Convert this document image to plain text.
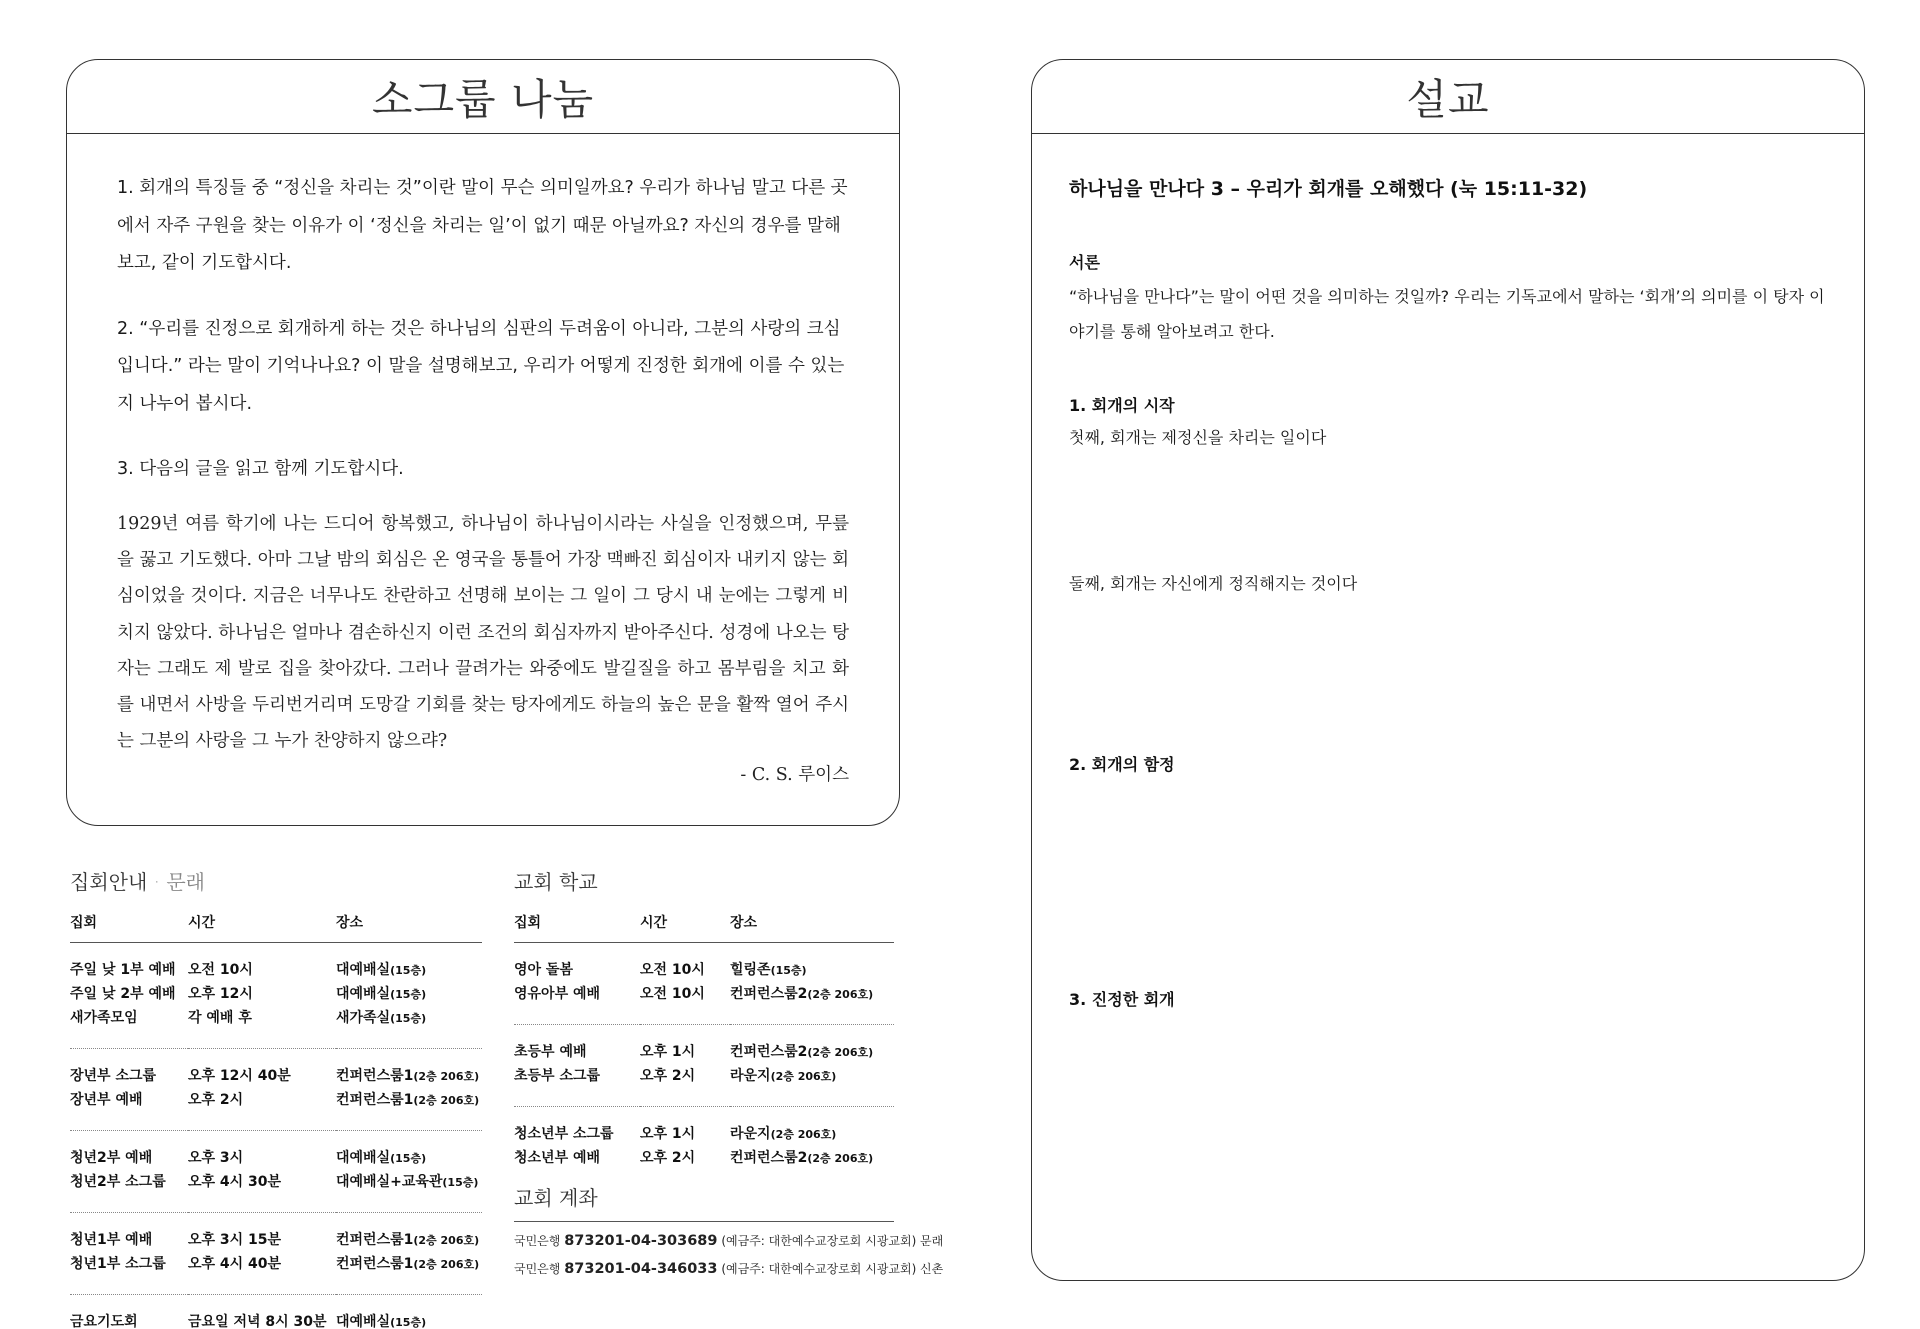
소그룹 나눔

1. 회개의 특징들 중 “정신을 차리는 것”이란 말이 무슨 의미일까요? 우리가 하나님 말고 다른 곳에서 자주 구원을 찾는 이유가 이 ‘정신을 차리는 일’이 없기 때문 아닐까요? 자신의 경우를 말해보고, 같이 기도합시다.

2. “우리를 진정으로 회개하게 하는 것은 하나님의 심판의 두려움이 아니라, 그분의 사랑의 크심입니다.” 라는 말이 기억나나요? 이 말을 설명해보고, 우리가 어떻게 진정한 회개에 이를 수 있는지 나누어 봅시다.

3. 다음의 글을 읽고 함께 기도합시다.

1929년 여름 학기에 나는 드디어 항복했고, 하나님이 하나님이시라는 사실을 인정했으며, 무릎을 꿇고 기도했다. 아마 그날 밤의 회심은 온 영국을 통틀어 가장 맥빠진 회심이자 내키지 않는 회심이었을 것이다. 지금은 너무나도 찬란하고 선명해 보이는 그 일이 그 당시 내 눈에는 그렇게 비치지 않았다. 하나님은 얼마나 겸손하신지 이런 조건의 회심자까지 받아주신다. 성경에 나오는 탕자는 그래도 제 발로 집을 찾아갔다. 그러나 끌려가는 와중에도 발길질을 하고 몸부림을 치고 화를 내면서 사방을 두리번거리며 도망갈 기회를 찾는 탕자에게도 하늘의 높은 문을 활짝 열어 주시는 그분의 사랑을 그 누가 찬양하지 않으랴?

- C. S. 루이스

설교
하나님을 만나다 3 – 우리가 회개를 오해했다 (눅 15:11-32)
서론
“하나님을 만나다”는 말이 어떤 것을 의미하는 것일까? 우리는 기독교에서 말하는 ‘회개’의 의미를 이 탕자 이야기를 통해 알아보려고 한다.
1. 회개의 시작
첫째, 회개는 제정신을 차리는 일이다
둘째, 회개는 자신에게 정직해지는 것이다
2. 회개의 함정
3. 진정한 회개
집회안내 · 문래
집회	시간	장소

주일 낮 1부 예배	오전 10시	대예배실(15층)
주일 낮 2부 예배	오후 12시	대예배실(15층)
새가족모임	각 예배 후	새가족실(15층)

장년부 소그룹	오후 12시 40분	컨퍼런스룸1(2층 206호)
장년부 예배	오후 2시	컨퍼런스룸1(2층 206호)

청년2부 예배	오후 3시	대예배실(15층)
청년2부 소그룹	오후 4시 30분	대예배실+교육관(15층)

청년1부 예배	오후 3시 15분	컨퍼런스룸1(2층 206호)
청년1부 소그룹	오후 4시 40분	컨퍼런스룸1(2층 206호)

금요기도회	금요일 저녁 8시 30분	대예배실(15층)
교회 학교
집회	시간	장소

영아 돌봄	오전 10시	힐링존(15층)
영유아부 예배	오전 10시	컨퍼런스룸2(2층 206호)

초등부 예배	오후 1시	컨퍼런스룸2(2층 206호)
초등부 소그룹	오후 2시	라운지(2층 206호)

청소년부 소그룹	오후 1시	라운지(2층 206호)
청소년부 예배	오후 2시	컨퍼런스룸2(2층 206호)
교회 계좌
국민은행 873201-04-303689 (예금주: 대한예수교장로회 시광교회) 문래
국민은행 873201-04-346033 (예금주: 대한예수교장로회 시광교회) 신촌
